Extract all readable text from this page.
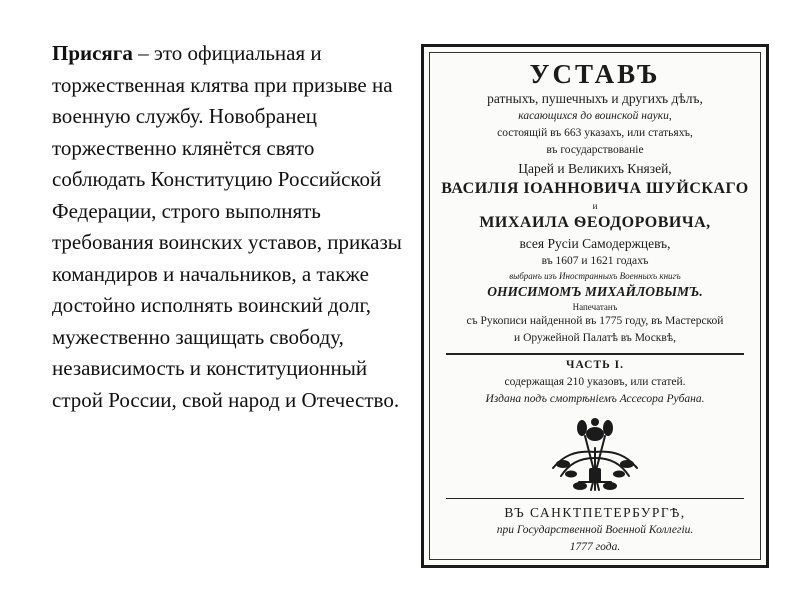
Присяга – это официальная и торжественная клятва при призыве на военную службу. Новобранец торжественно клянётся свято соблюдать Конституцию Российской Федерации, строго выполнять требования воинских уставов, приказы командиров и начальников, а также достойно исполнять воинский долг, мужественно защищать свободу, независимость и конституционный строй России, свой народ и Отечество.
УСТАВЪ
ратныхъ, пушечныхъ и другихъ дѣлъ,
касающихся до воинской науки,
состоящій въ 663 указахъ, или статьяхъ,
въ государствованіе
Царей и Великихъ Князей,
ВАСИЛІЯ ІОАННОВИЧА ШУЙСКАГО
и
МИХАИЛА ѲЕОДОРОВИЧА,
всея Русіи Самодержцевъ,
въ 1607 и 1621 годахъ
выбранъ изъ Иностранныхъ Военныхъ книгъ
ОНИСИМОМЪ МИХАЙЛОВЫМЪ.
Напечатанъ
съ Рукописи найденной въ 1775 году, въ Мастерской
и Оружейной Палатѣ въ Москвѣ,
ЧАСТЬ I.
содержащая 210 указовъ, или статей.
Издана подъ смотрѣніемъ Ассесора Рубана.
ВЪ САНКТПЕТЕРБУРГѢ,
при Государственной Военной Коллегіи.
1777 года.
